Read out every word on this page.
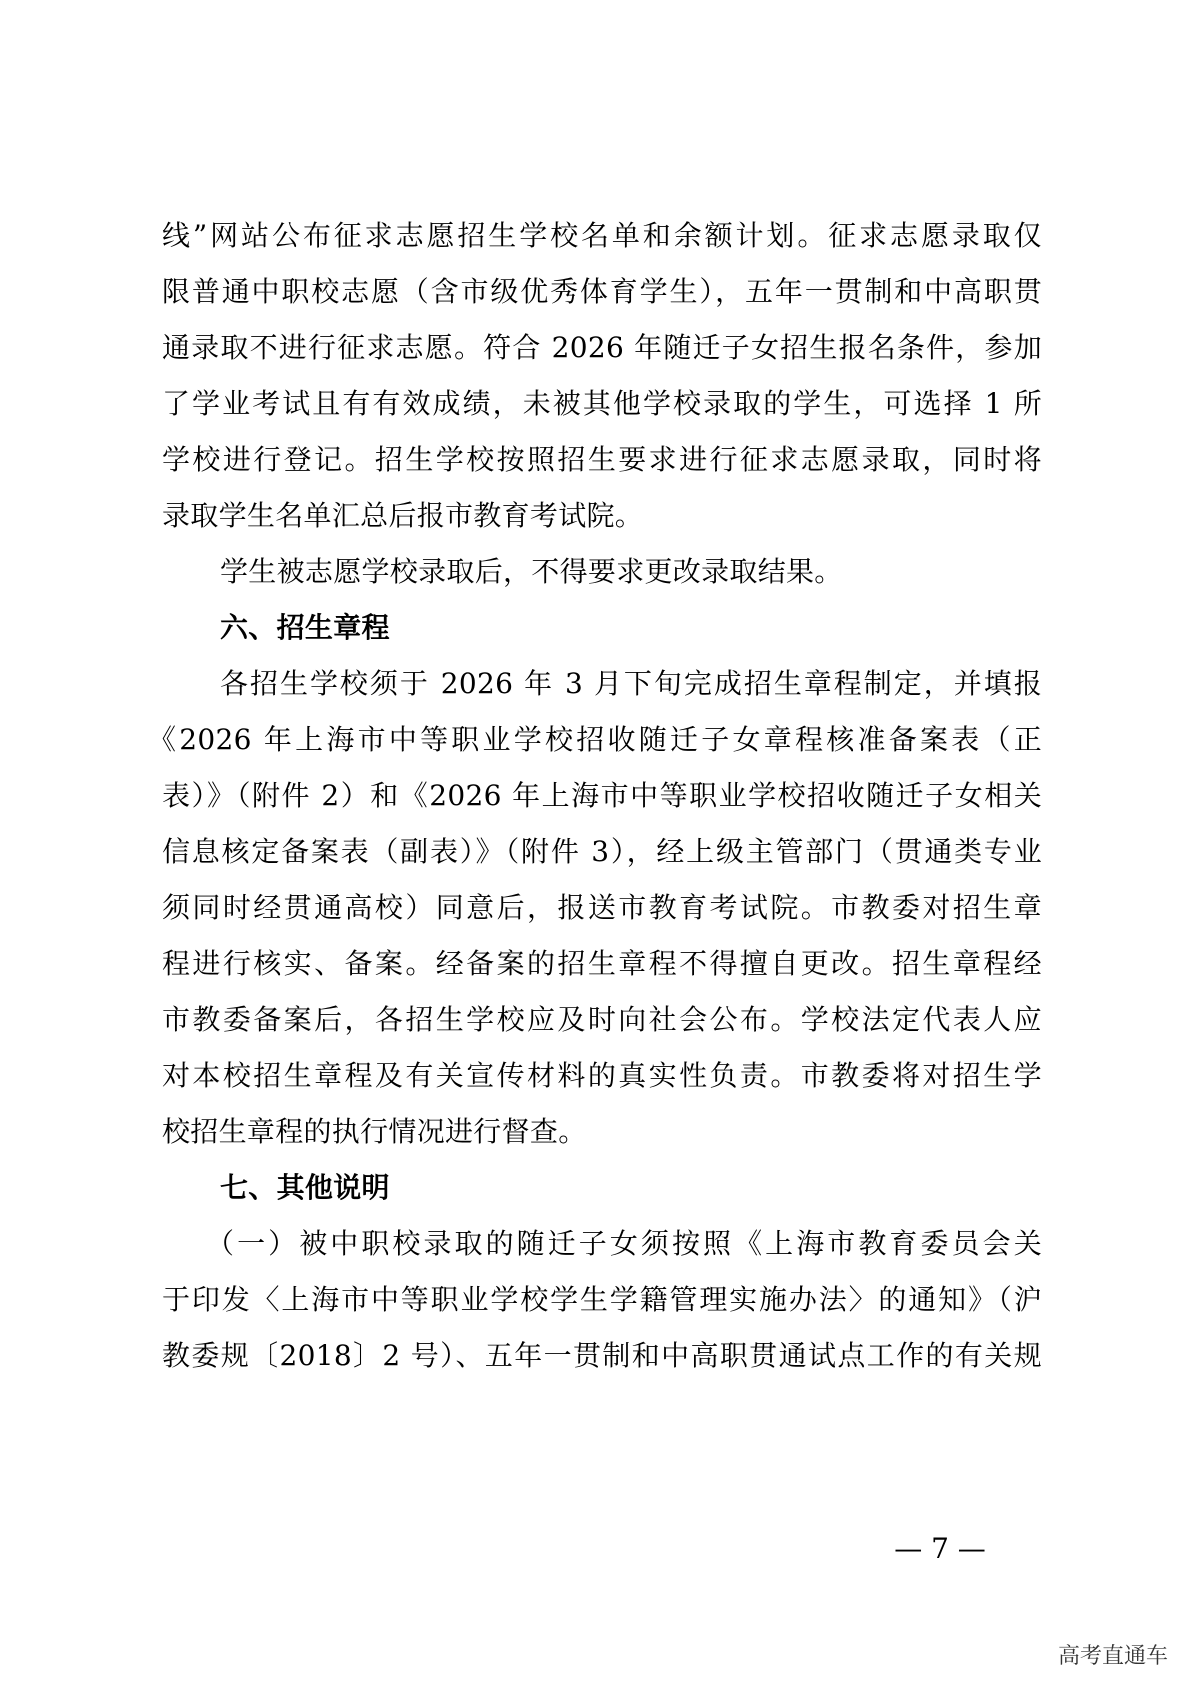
线”网站公布征求志愿招生学校名单和余额计划。征求志愿录取仅
限普通中职校志愿（含市级优秀体育学生），五年一贯制和中高职贯
通录取不进行征求志愿。符合 2026 年随迁子女招生报名条件，参加
了学业考试且有有效成绩，未被其他学校录取的学生，可选择 1 所
学校进行登记。招生学校按照招生要求进行征求志愿录取，同时将
录取学生名单汇总后报市教育考试院。
学生被志愿学校录取后，不得要求更改录取结果。
六、招生章程
各招生学校须于 2026 年 3 月下旬完成招生章程制定，并填报
《2026 年上海市中等职业学校招收随迁子女章程核准备案表（正
表）》（附件 2）和《2026 年上海市中等职业学校招收随迁子女相关
信息核定备案表（副表）》（附件 3），经上级主管部门（贯通类专业
须同时经贯通高校）同意后，报送市教育考试院。市教委对招生章
程进行核实、备案。经备案的招生章程不得擅自更改。招生章程经
市教委备案后，各招生学校应及时向社会公布。学校法定代表人应
对本校招生章程及有关宣传材料的真实性负责。市教委将对招生学
校招生章程的执行情况进行督查。
七、其他说明
（一）被中职校录取的随迁子女须按照《上海市教育委员会关
于印发〈上海市中等职业学校学生学籍管理实施办法〉的通知》（沪
教委规〔2018〕2 号）、五年一贯制和中高职贯通试点工作的有关规
— 7 —
高考直通车
